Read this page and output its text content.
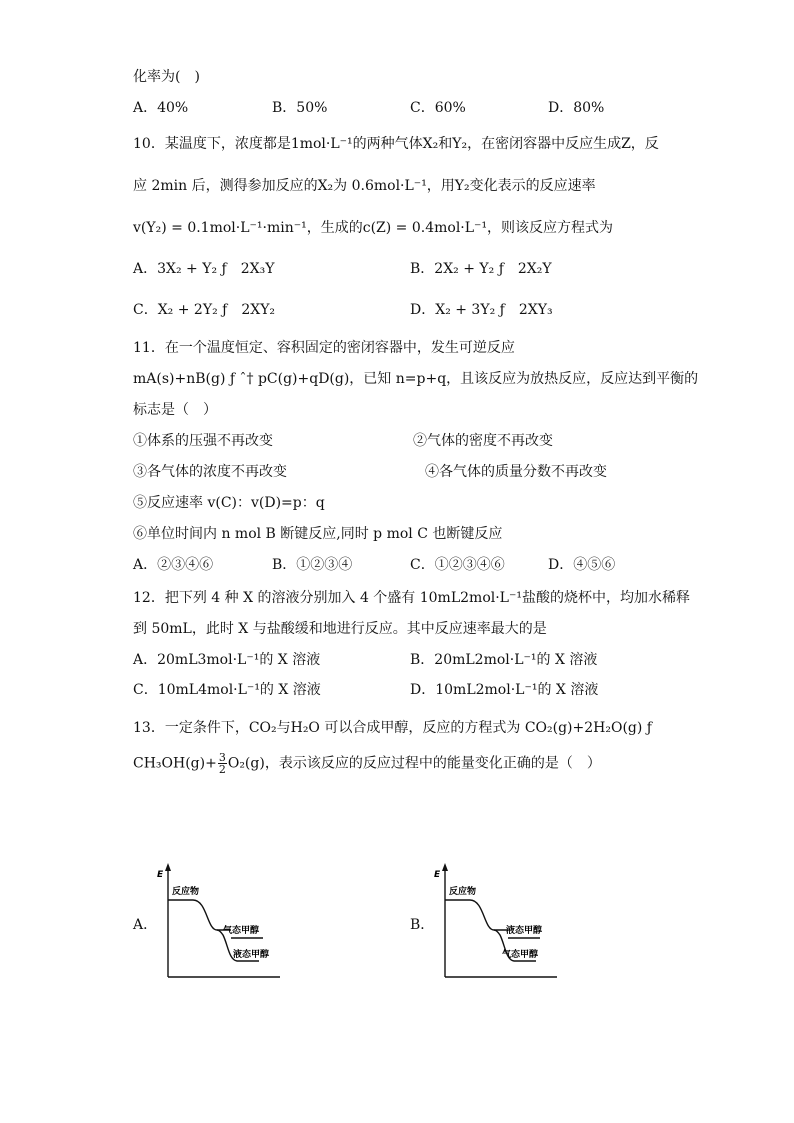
化率为(　)
A．40%	B．50%	C．60%	D．80%
10．某温度下，浓度都是1mol·L⁻¹的两种气体X₂和Y₂，在密闭容器中反应生成Z，反
应 2min 后，测得参加反应的X₂为 0.6mol·L⁻¹，用Y₂变化表示的反应速率
v(Y₂) = 0.1mol·L⁻¹·min⁻¹，生成的c(Z) = 0.4mol·L⁻¹，则该反应方程式为
A．3X₂ + Y₂ ƒ　2X₃Y	B．2X₂ + Y₂ ƒ　2X₂Y
C．X₂ + 2Y₂ ƒ　2XY₂	D．X₂ + 3Y₂ ƒ　2XY₃
11．在一个温度恒定、容积固定的密闭容器中，发生可逆反应
mA(s)+nB(g) ƒ ˆ† pC(g)+qD(g)，已知 n=p+q，且该反应为放热反应，反应达到平衡的
标志是（　）
①体系的压强不再改变	②气体的密度不再改变
③各气体的浓度不再改变	④各气体的质量分数不再改变
⑤反应速率 v(C)：v(D)=p：q
⑥单位时间内 n mol B 断键反应,同时 p mol C 也断键反应
A．②③④⑥	B．①②③④	C．①②③④⑥	D．④⑤⑥
12．把下列 4 种 X 的溶液分别加入 4 个盛有 10mL2mol·L⁻¹盐酸的烧杯中，均加水稀释
到 50mL，此时 X 与盐酸缓和地进行反应。其中反应速率最大的是
A．20mL3mol·L⁻¹的 X 溶液	B．20mL2mol·L⁻¹的 X 溶液
C．10mL4mol·L⁻¹的 X 溶液	D．10mL2mol·L⁻¹的 X 溶液
13．一定条件下，CO₂与H₂O 可以合成甲醇，反应的方程式为 CO₂(g)+2H₂O(g) ƒ
$CH_3OH(g)+ \frac{3}{2} O_2(g)$，表示该反应的反应过程中的能量变化正确的是（　）
A．
E
反应物
气态甲醇
液态甲醇
B．
E
反应物
液态甲醇
气态甲醇
